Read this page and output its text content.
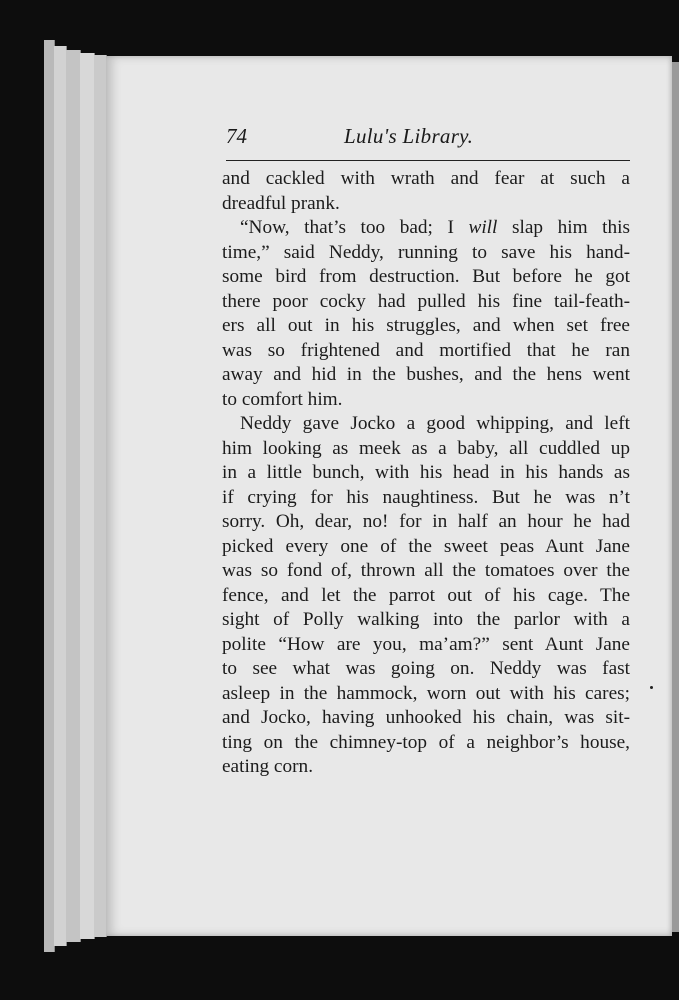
74	Lulu's Library.
and cackled with wrath and fear at such a
dreadful prank.
“Now, that’s too bad; I will slap him this
time,” said Neddy, running to save his hand-
some bird from destruction. But before he got
there poor cocky had pulled his fine tail-feath-
ers all out in his struggles, and when set free
was so frightened and mortified that he ran
away and hid in the bushes, and the hens went
to comfort him.
Neddy gave Jocko a good whipping, and left
him looking as meek as a baby, all cuddled up
in a little bunch, with his head in his hands as
if crying for his naughtiness. But he was n’t
sorry. Oh, dear, no! for in half an hour he had
picked every one of the sweet peas Aunt Jane
was so fond of, thrown all the tomatoes over the
fence, and let the parrot out of his cage. The
sight of Polly walking into the parlor with a
polite “How are you, ma’am?” sent Aunt Jane
to see what was going on. Neddy was fast
asleep in the hammock, worn out with his cares;
and Jocko, having unhooked his chain, was sit-
ting on the chimney-top of a neighbor’s house,
eating corn.
